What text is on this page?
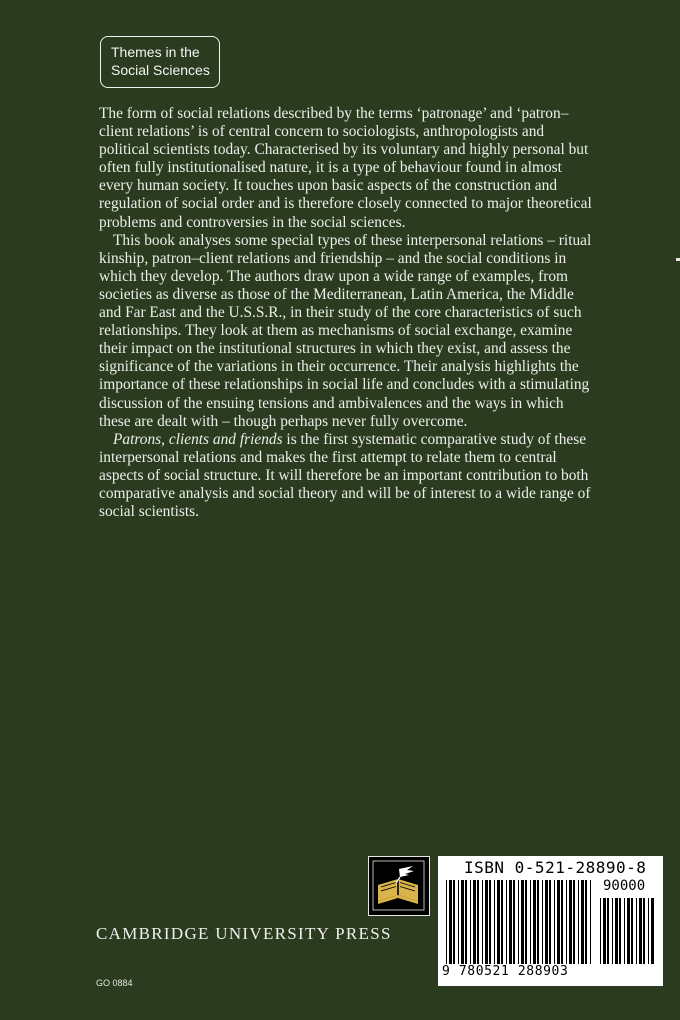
Themes in the
Social Sciences

The form of social relations described by the terms ‘patronage’ and ‘patron–client relations’ is of central concern to sociologists, anthropologists and political scientists today. Characterised by its voluntary and highly personal but often fully institutionalised nature, it is a type of behaviour found in almost every human society. It touches upon basic aspects of the construction and regulation of social order and is therefore closely connected to major theoretical problems and controversies in the social sciences.

This book analyses some special types of these interpersonal relations – ritual kinship, patron–client relations and friendship – and the social conditions in which they develop. The authors draw upon a wide range of examples, from societies as diverse as those of the Mediterranean, Latin America, the Middle and Far East and the U.S.S.R., in their study of the core characteristics of such relationships. They look at them as mechanisms of social exchange, examine their impact on the institutional structures in which they exist, and assess the significance of the variations in their occurrence. Their analysis highlights the importance of these relationships in social life and concludes with a stimulating discussion of the ensuing tensions and ambivalences and the ways in which these are dealt with – though perhaps never fully overcome.

Patrons, clients and friends is the first systematic comparative study of these interpersonal relations and makes the first attempt to relate them to central aspects of social structure. It will therefore be an important contribution to both comparative analysis and social theory and will be of interest to a wide range of social scientists.

CAMBRIDGE UNIVERSITY PRESS
GO 0884
ISBN 0-521-28890-8
90000
9 780521 288903
